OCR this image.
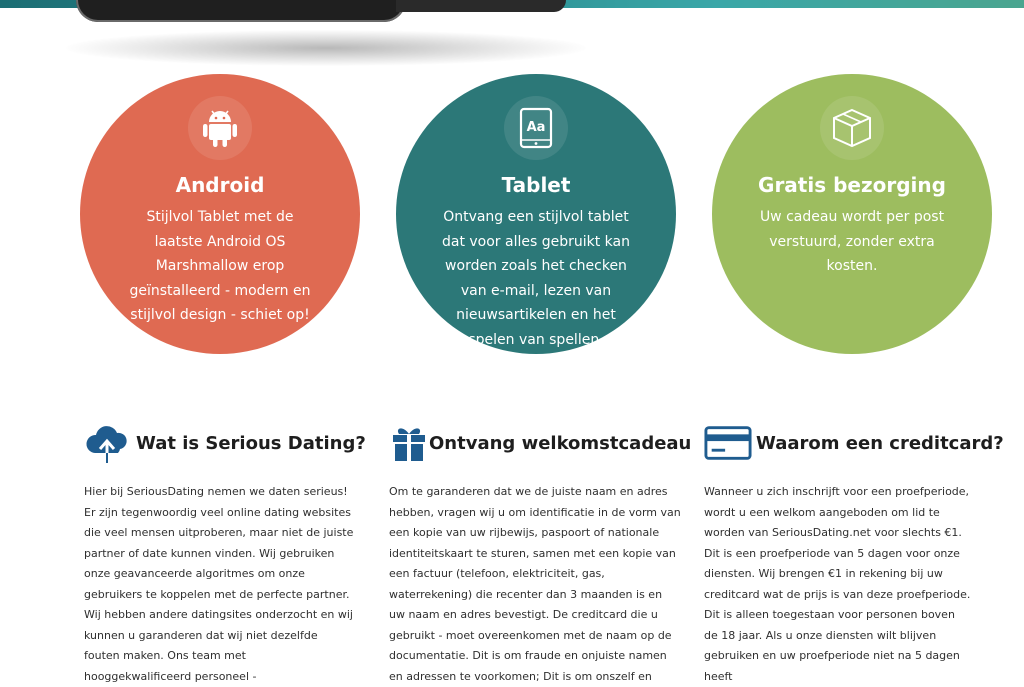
Android

Stijlvol Tablet met de laatste Android OS Marshmallow erop geïnstalleerd - modern en stijlvol design - schiet op!

Aa
Tablet

Ontvang een stijlvol tablet dat voor alles gebruikt kan worden zoals het checken van e-mail, lezen van nieuwsartikelen en het spelen van spellen.

Gratis bezorging

Uw cadeau wordt per post verstuurd, zonder extra kosten.

Wat is Serious Dating?

Hier bij SeriousDating nemen we daten serieus! Er zijn tegenwoordig veel online dating websites die veel mensen uitproberen, maar niet de juiste partner of date kunnen vinden. Wij gebruiken onze geavanceerde algoritmes om onze gebruikers te koppelen met de perfecte partner. Wij hebben andere datingsites onderzocht en wij kunnen u garanderen dat wij niet dezelfde fouten maken. Ons team met hooggekwalificeerd personeel -

Ontvang welkomstcadeau

Om te garanderen dat we de juiste naam en adres hebben, vragen wij u om identificatie in de vorm van een kopie van uw rijbewijs, paspoort of nationale identiteitskaart te sturen, samen met een kopie van een factuur (telefoon, elektriciteit, gas, waterrekening) die recenter dan 3 maanden is en uw naam en adres bevestigt. De creditcard die u gebruikt - moet overeenkomen met de naam op de documentatie. Dit is om fraude en onjuiste namen en adressen te voorkomen; Dit is om onszelf en

Waarom een creditcard?

Wanneer u zich inschrijft voor een proefperiode, wordt u een welkom aangeboden om lid te worden van SeriousDating.net voor slechts €1. Dit is een proefperiode van 5 dagen voor onze diensten. Wij brengen €1 in rekening bij uw creditcard wat de prijs is van deze proefperiode. Dit is alleen toegestaan voor personen boven de 18 jaar. Als u onze diensten wilt blijven gebruiken en uw proefperiode niet na 5 dagen heeft
